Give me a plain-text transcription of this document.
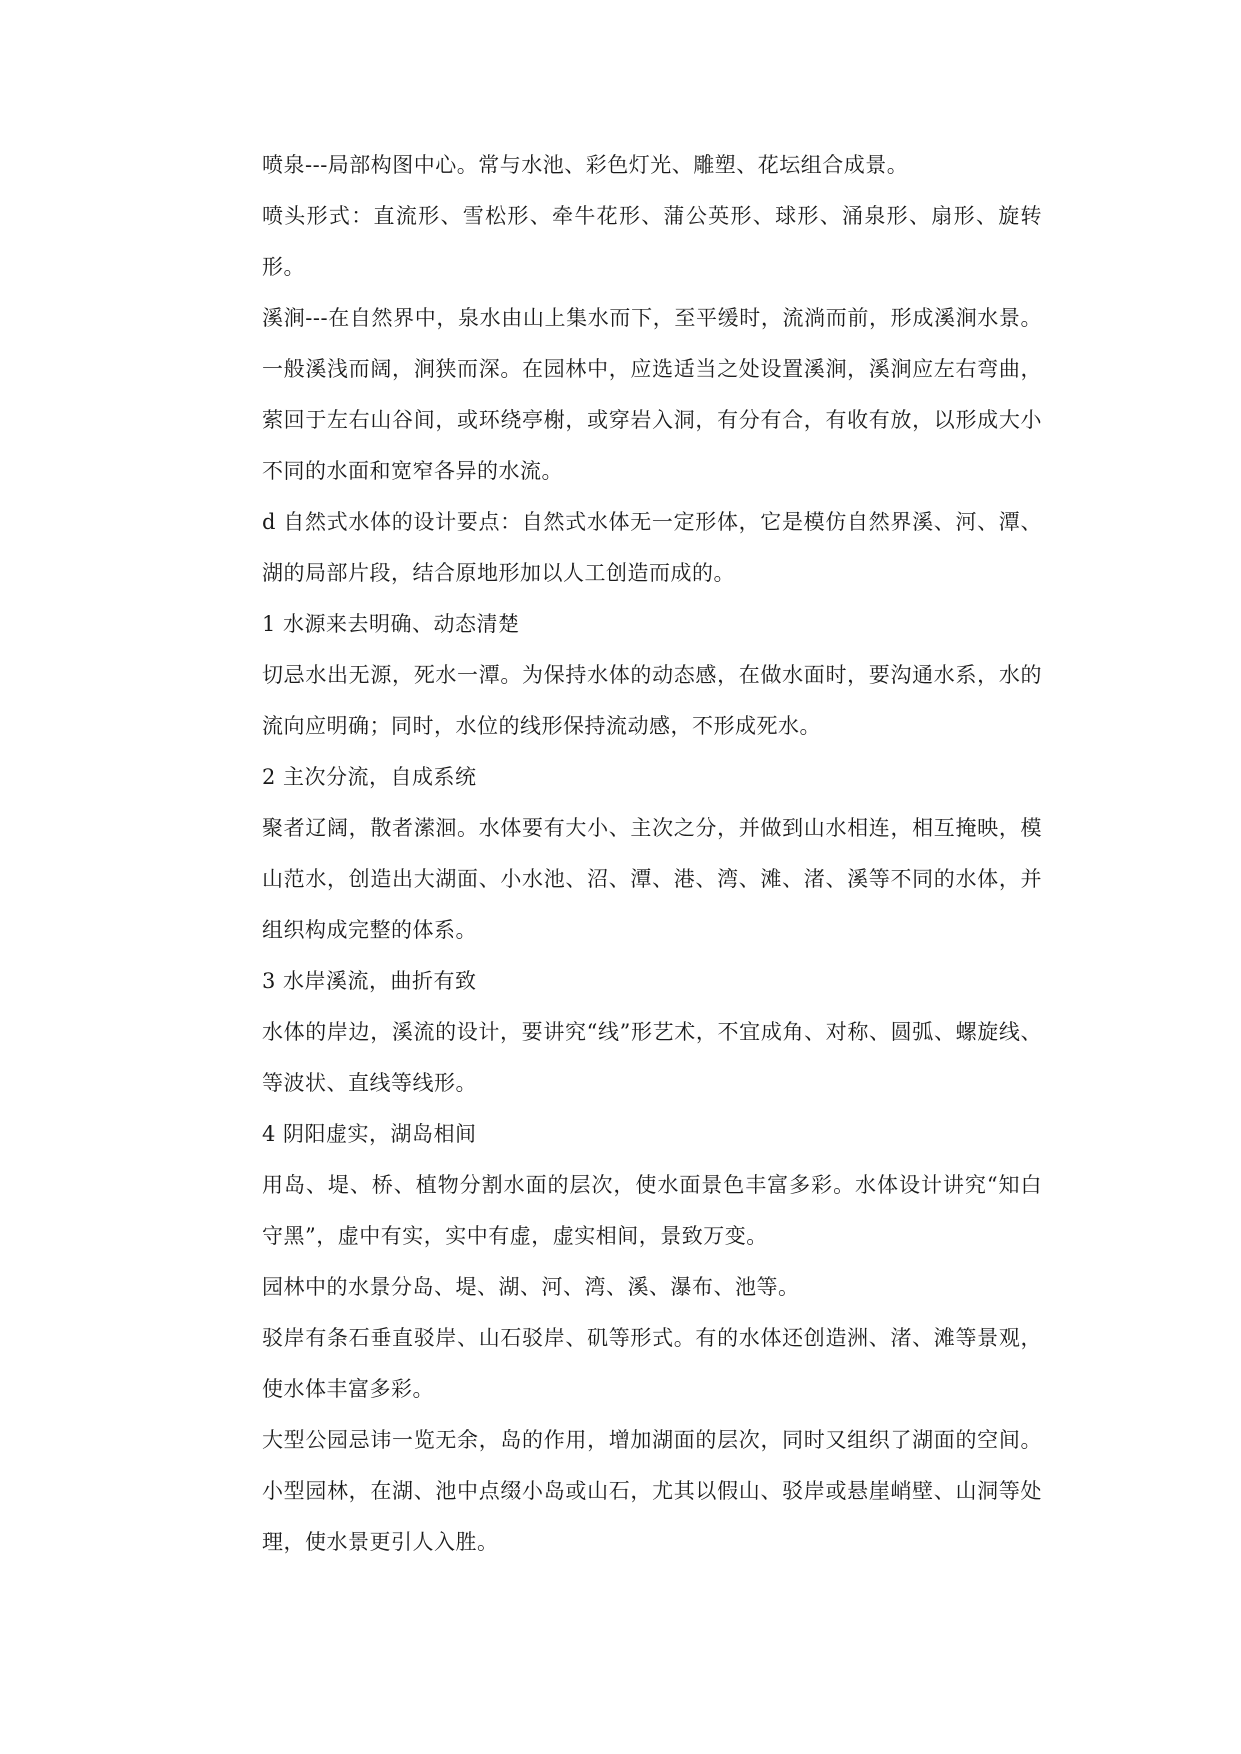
喷泉---局部构图中心。常与水池、彩色灯光、雕塑、花坛组合成景。

喷头形式：直流形、雪松形、牵牛花形、蒲公英形、球形、涌泉形、扇形、旋转形。

溪涧---在自然界中，泉水由山上集水而下，至平缓时，流淌而前，形成溪涧水景。一般溪浅而阔，涧狭而深。在园林中，应选适当之处设置溪涧，溪涧应左右弯曲，萦回于左右山谷间，或环绕亭榭，或穿岩入洞，有分有合，有收有放，以形成大小不同的水面和宽窄各异的水流。

d 自然式水体的设计要点：自然式水体无一定形体，它是模仿自然界溪、河、潭、湖的局部片段，结合原地形加以人工创造而成的。

1 水源来去明确、动态清楚

切忌水出无源，死水一潭。为保持水体的动态感，在做水面时，要沟通水系，水的流向应明确；同时，水位的线形保持流动感，不形成死水。

2 主次分流，自成系统

聚者辽阔，散者潆洄。水体要有大小、主次之分，并做到山水相连，相互掩映，模山范水，创造出大湖面、小水池、沼、潭、港、湾、滩、渚、溪等不同的水体，并组织构成完整的体系。

3 水岸溪流，曲折有致

水体的岸边，溪流的设计，要讲究“线”形艺术，不宜成角、对称、圆弧、螺旋线、等波状、直线等线形。

4 阴阳虚实，湖岛相间

用岛、堤、桥、植物分割水面的层次，使水面景色丰富多彩。水体设计讲究“知白守黑”，虚中有实，实中有虚，虚实相间，景致万变。

园林中的水景分岛、堤、湖、河、湾、溪、瀑布、池等。

驳岸有条石垂直驳岸、山石驳岸、矶等形式。有的水体还创造洲、渚、滩等景观，使水体丰富多彩。

大型公园忌讳一览无余，岛的作用，增加湖面的层次，同时又组织了湖面的空间。小型园林，在湖、池中点缀小岛或山石，尤其以假山、驳岸或悬崖峭壁、山洞等处理，使水景更引人入胜。
